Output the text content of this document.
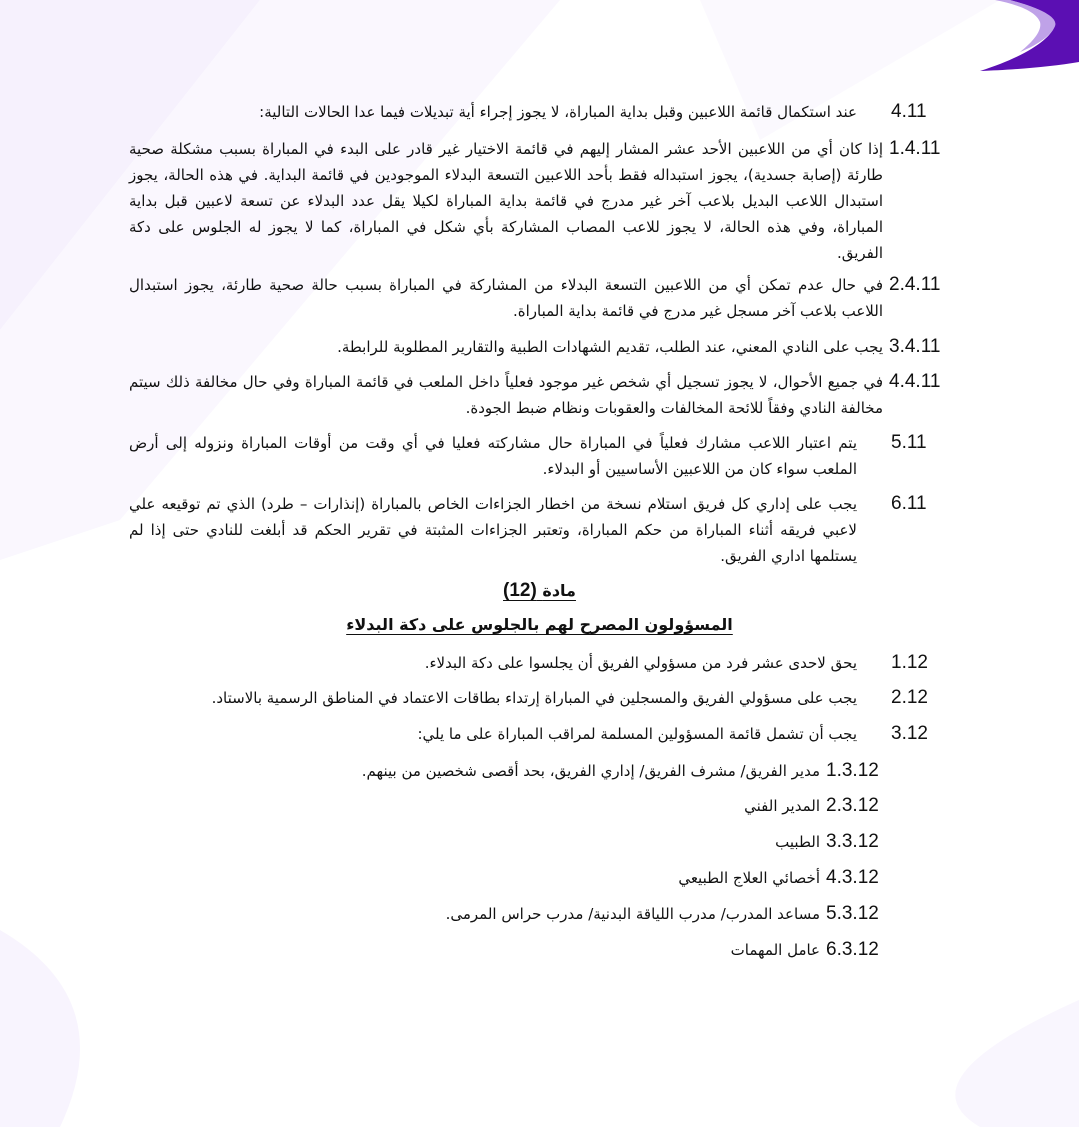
4.11
عند استكمال قائمة اللاعبين وقبل بداية المباراة، لا يجوز إجراء أية تبديلات فيما عدا الحالات التالية:
1.4.11
إذا كان أي من اللاعبين الأحد عشر المشار إليهم في قائمة الاختيار غير قادر على البدء في المباراة بسبب مشكلة صحية طارئة (إصابة جسدية)، يجوز استبداله فقط بأحد اللاعبين التسعة البدلاء الموجودين في قائمة البداية. في هذه الحالة، يجوز استبدال اللاعب البديل بلاعب آخر غير مدرج في قائمة بداية المباراة لكيلا يقل عدد البدلاء عن تسعة لاعبين قبل بداية المباراة، وفي هذه الحالة، لا يجوز للاعب المصاب المشاركة بأي شكل في المباراة، كما لا يجوز له الجلوس على دكة الفريق.
2.4.11
في حال عدم تمكن أي من اللاعبين التسعة البدلاء من المشاركة في المباراة بسبب حالة صحية طارئة، يجوز استبدال اللاعب بلاعب آخر مسجل غير مدرج في قائمة بداية المباراة.
3.4.11
يجب على النادي المعني، عند الطلب، تقديم الشهادات الطبية والتقارير المطلوبة للرابطة.
4.4.11
في جميع الأحوال، لا يجوز تسجيل أي شخص غير موجود فعلياً داخل الملعب في قائمة المباراة وفي حال مخالفة ذلك سيتم مخالفة النادي وفقاً للائحة المخالفات والعقوبات ونظام ضبط الجودة.
5.11
يتم اعتبار اللاعب مشارك فعلياً في المباراة حال مشاركته فعليا في أي وقت من أوقات المباراة ونزوله إلى أرض الملعب سواء كان من اللاعبين الأساسيين أو البدلاء.
6.11
يجب على إداري كل فريق استلام نسخة من اخطار الجزاءات الخاص بالمباراة (إنذارات – طرد) الذي تم توقيعه علي لاعبي فريقه أثناء المباراة من حكم المباراة، وتعتبر الجزاءات المثبتة في تقرير الحكم قد أبلغت للنادي حتى إذا لم يستلمها اداري الفريق.
مادة (12)
المسؤولون المصرح لهم بالجلوس على دكة البدلاء
1.12
يحق لاحدى عشر فرد من مسؤولي الفريق أن يجلسوا على دكة البدلاء.
2.12
يجب على مسؤولي الفريق والمسجلين في المباراة إرتداء بطاقات الاعتماد في المناطق الرسمية بالاستاد.
3.12
يجب أن تشمل قائمة المسؤولين المسلمة لمراقب المباراة على ما يلي:
1.3.12
مدير الفريق/ مشرف الفريق/ إداري الفريق، بحد أقصى شخصين من بينهم.
2.3.12
المدير الفني
3.3.12
الطبيب
4.3.12
أخصائي العلاج الطبيعي
5.3.12
مساعد المدرب/ مدرب اللياقة البدنية/ مدرب حراس المرمى.
6.3.12
عامل المهمات
